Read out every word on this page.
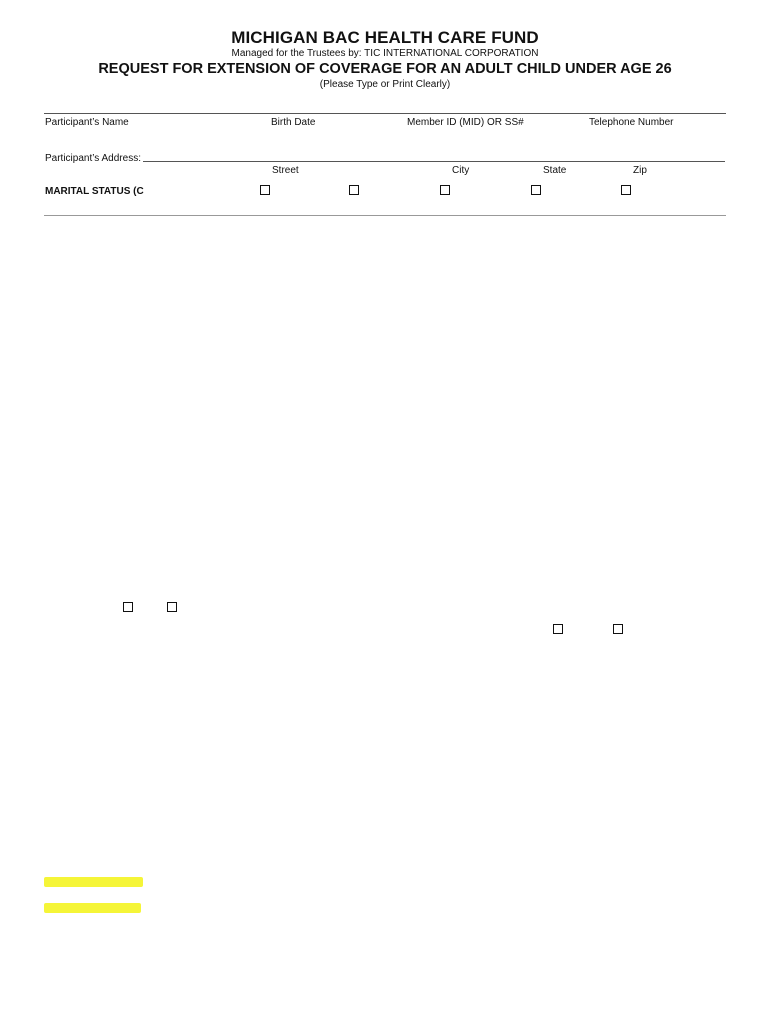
MICHIGAN BAC HEALTH CARE FUND
Managed for the Trustees by: TIC INTERNATIONAL CORPORATION
REQUEST FOR EXTENSION OF COVERAGE FOR AN ADULT CHILD UNDER AGE 26
(Please Type or Print Clearly)
Participant’s Name	Birth Date	Member ID (MID) OR SS#	Telephone Number
Participant’s Address:
Street	City	State	Zip
MARITAL STATUS (C
